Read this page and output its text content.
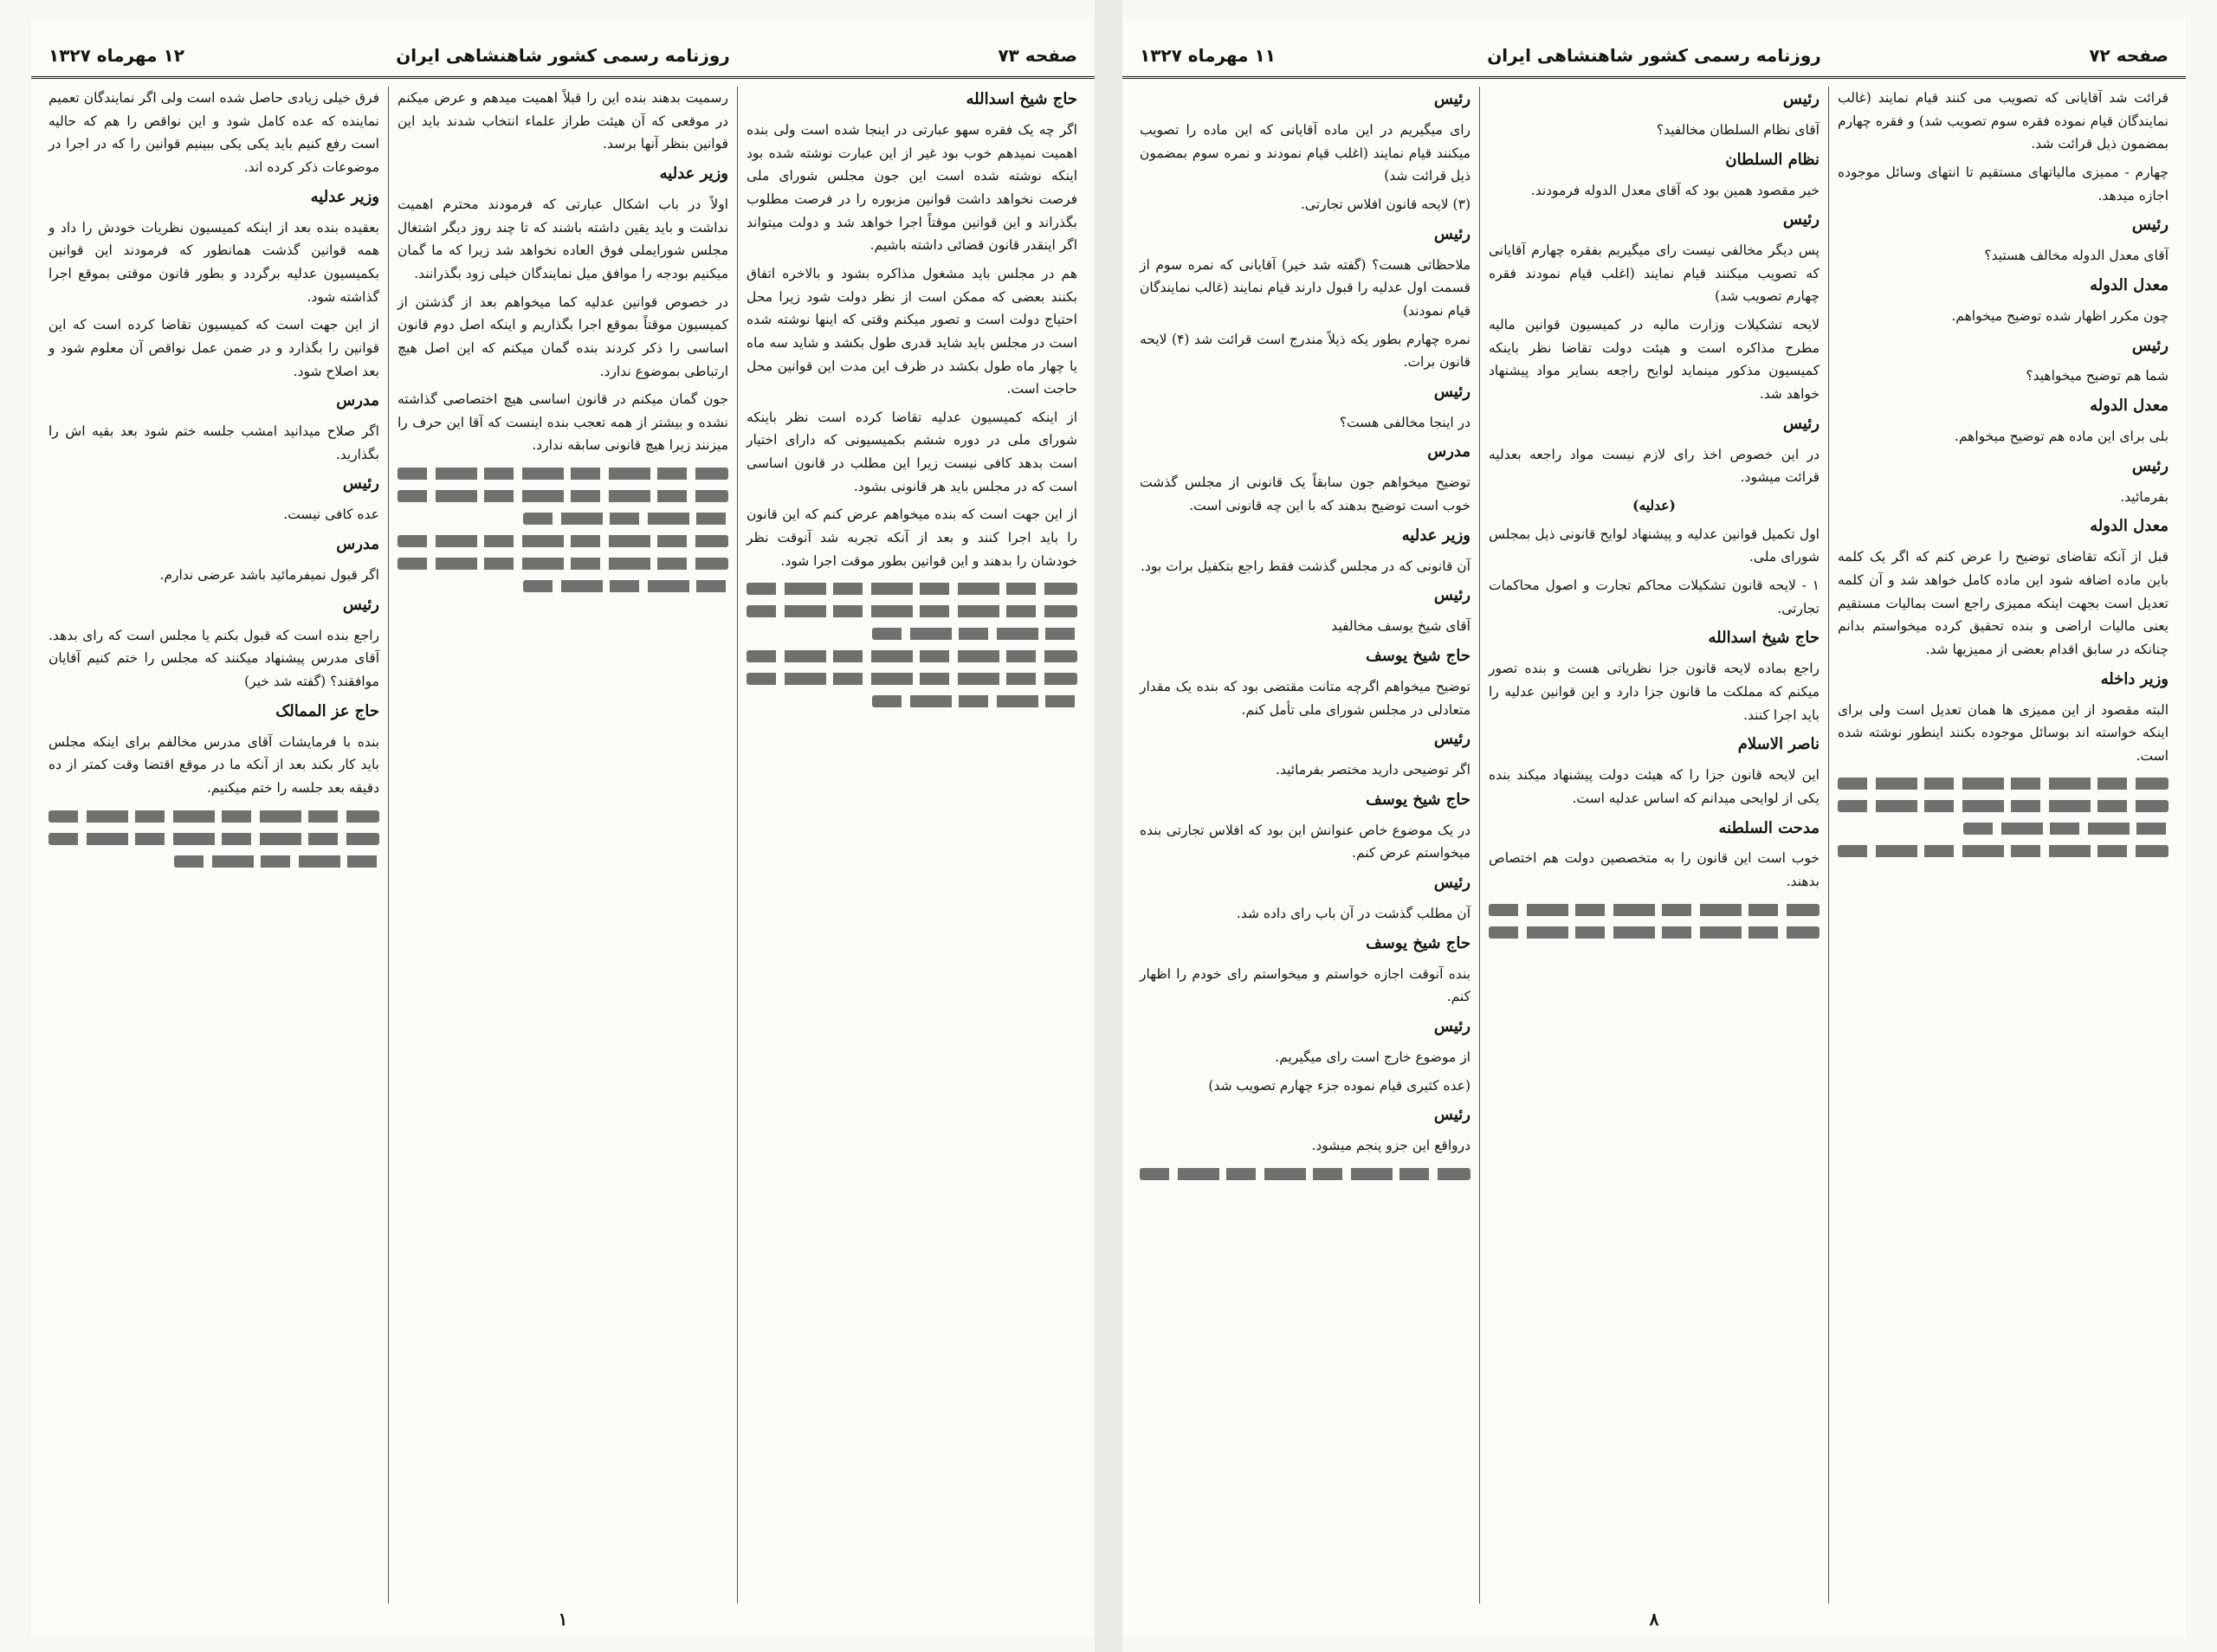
صفحه ۷۳
روزنامه رسمی کشور شاهنشاهی ایران
۱۲ مهرماه ۱۳۲۷
حاج شیخ اسدالله
اگر چه یک فقره سهو عبارتی در اینجا شده است ولی بنده اهمیت نمیدهم خوب بود غیر از این عبارت نوشته شده بود اینکه نوشته شده است این جون مجلس شورای ملی فرصت نخواهد داشت قوانین مزبوره را در فرصت مطلوب بگذراند و این قوانین موقتاً اجرا خواهد شد و دولت میتواند اگر اینقدر قانون قضائی داشته باشیم.
هم در مجلس باید مشغول مذاکره بشود و بالاخره اتفاق بکنند بعضی که ممکن است از نظر دولت شود زیرا محل احتیاج دولت است و تصور میکنم وقتی که اینها نوشته شده است در مجلس باید شاید قدری طول بکشد و شاید سه ماه یا چهار ماه طول بکشد در ظرف این مدت این قوانین محل حاجت است.
از اینکه کمیسیون عدلیه تقاضا کرده است نظر باینکه شورای ملی در دوره ششم بکمیسیونی که دارای اختیار است بدهد کافی نیست زیرا این مطلب در قانون اساسی است که در مجلس باید هر قانونی بشود.
از این جهت است که بنده میخواهم عرض کنم که این قانون را باید اجرا کنند و بعد از آنکه تجربه شد آنوقت نظر خودشان را بدهند و این قوانین بطور موقت اجرا شود.
رسمیت بدهند بنده این را قبلاً اهمیت میدهم و عرض میکنم در موقعی که آن هیئت طراز علماء انتخاب شدند باید این قوانین بنظر آنها برسد.
وزیر عدلیه
اولاً در باب اشکال عبارتی که فرمودند محترم اهمیت نداشت و باید یقین داشته باشند که تا چند روز دیگر اشتغال مجلس شورایملی فوق العاده نخواهد شد زیرا که ما گمان میکنیم بودجه را موافق میل نمایندگان خیلی زود بگذرانند.
در خصوص قوانین عدلیه کما میخواهم بعد از گذشتن از کمیسیون موقتاً بموقع اجرا بگذاریم و اینکه اصل دوم قانون اساسی را ذکر کردند بنده گمان میکنم که این اصل هیچ ارتباطی بموضوع ندارد.
جون گمان میکنم در قانون اساسی هیچ اختصاصی گذاشته نشده و بیشتر از همه تعجب بنده اینست که آقا این حرف را میزنند زیرا هیچ قانونی سابقه ندارد.
فرق خیلی زیادی حاصل شده است ولی اگر نمایندگان تعمیم نماینده که عده کامل شود و این نواقص را هم که حالیه است رفع کنیم باید یکی یکی ببینیم قوانین را که در اجرا در موضوعات ذکر کرده اند.
وزیر عدلیه
بعقیده بنده بعد از اینکه کمیسیون نظریات خودش را داد و همه قوانین گذشت همانطور که فرمودند این قوانین بکمیسیون عدلیه برگردد و بطور قانون موقتی بموقع اجرا گذاشته شود.
از این جهت است که کمیسیون تقاضا کرده است که این قوانین را بگذارد و در ضمن عمل نواقص آن معلوم شود و بعد اصلاح شود.
مدرس
اگر صلاح میدانید امشب جلسه ختم شود بعد بقیه اش را بگذارید.
رئیس
عده کافی نیست.
مدرس
اگر قبول نمیفرمائید باشد عرضی ندارم.
رئیس
راجع بنده است که قبول بکنم یا مجلس است که رای بدهد. آقای مدرس پیشنهاد میکنند که مجلس را ختم کنیم آقایان موافقند؟ (گفته شد خیر)
حاج عز الممالک
بنده با فرمایشات آقای مدرس مخالفم برای اینکه مجلس باید کار بکند بعد از آنکه ما در موقع اقتضا وقت کمتر از ده دقیقه بعد جلسه را ختم میکنیم.
۱
صفحه ۷۲
روزنامه رسمی کشور شاهنشاهی ایران
۱۱ مهرماه ۱۳۲۷
قرائت شد آقایانی که تصویب می کنند قیام نمایند (غالب نمایندگان قیام نموده فقره سوم تصویب شد) و فقره چهارم بمضمون ذیل قرائت شد.
چهارم - ممیزی مالیاتهای مستقیم تا انتهای وسائل موجوده اجازه میدهد.
رئیس
آقای معدل الدوله مخالف هستید؟
معدل الدوله
چون مکرر اظهار شده توضیح میخواهم.
رئیس
شما هم توضیح میخواهید؟
معدل الدوله
بلی برای این ماده هم توضیح میخواهم.
رئیس
بفرمائید.
معدل الدوله
قبل از آنکه تقاضای توضیح را عرض کنم که اگر یک کلمه باین ماده اضافه شود این ماده کامل خواهد شد و آن کلمه تعدیل است بجهت اینکه ممیزی راجع است بمالیات مستقیم یعنی مالیات اراضی و بنده تحقیق کرده میخواستم بدانم چنانکه در سابق اقدام بعضی از ممیزیها شد.
وزیر داخله
البته مقصود از این ممیزی ها همان تعدیل است ولی برای اینکه خواسته اند بوسائل موجوده بکنند اینطور نوشته شده است.
رئیس
آقای نظام السلطان مخالفید؟
نظام السلطان
خیر مقصود همین بود که آقای معدل الدوله فرمودند.
رئیس
پس دیگر مخالفی نیست رای میگیریم بفقره چهارم آقایانی که تصویب میکنند قیام نمایند (اغلب قیام نمودند فقره چهارم تصویب شد)
لایحه تشکیلات وزارت مالیه در کمیسیون قوانین مالیه مطرح مذاکره است و هیئت دولت تقاضا نظر باینکه کمیسیون مذکور مینماید لوایح راجعه بسایر مواد پیشنهاد خواهد شد.
رئیس
در این خصوص اخذ رای لازم نیست مواد راجعه بعدلیه قرائت میشود.
(عدلیه)
اول تکمیل قوانین عدلیه و پیشنهاد لوایح قانونی ذیل بمجلس شورای ملی.
۱ - لایحه قانون تشکیلات محاکم تجارت و اصول محاکمات تجارتی.
حاج شیخ اسدالله
راجع بماده لایحه قانون جزا نظریاتی هست و بنده تصور میکنم که مملکت ما قانون جزا دارد و این قوانین عدلیه را باید اجرا کنند.
ناصر الاسلام
این لایحه قانون جزا را که هیئت دولت پیشنهاد میکند بنده یکی از لوایحی میدانم که اساس عدلیه است.
مدحت السلطنه
خوب است این قانون را به متخصصین دولت هم اختصاص بدهند.
رئیس
رای میگیریم در این ماده آقایانی که این ماده را تصویب میکنند قیام نمایند (اغلب قیام نمودند و نمره سوم بمضمون ذیل قرائت شد)
(۳) لایحه قانون افلاس تجارتی.
رئیس
ملاحظاتی هست؟ (گفته شد خیر) آقایانی که نمره سوم از قسمت اول عدلیه را قبول دارند قیام نمایند (غالب نمایندگان قیام نمودند)
نمره چهارم بطور یکه ذیلاً مندرج است قرائت شد (۴) لایحه قانون برات.
رئیس
در اینجا مخالفی هست؟
مدرس
توضیح میخواهم جون سابقاً یک قانونی از مجلس گذشت خوب است توضیح بدهند که با این چه قانونی است.
وزیر عدلیه
آن قانونی که در مجلس گذشت فقط راجع بتکفیل برات بود.
رئیس
آقای شیخ یوسف مخالفید
حاج شیخ یوسف
توضیح میخواهم اگرچه متانت مقتضی بود که بنده یک مقدار متعادلی در مجلس شورای ملی تأمل کنم.
رئیس
اگر توضیحی دارید مختصر بفرمائید.
حاج شیخ یوسف
در یک موضوع خاص عنوانش این بود که افلاس تجارتی بنده میخواستم عرض کنم.
رئیس
آن مطلب گذشت در آن باب رای داده شد.
حاج شیخ یوسف
بنده آنوقت اجازه خواستم و میخواستم رای خودم را اظهار کنم.
رئیس
از موضوع خارج است رای میگیریم.
(عده کثیری قیام نموده جزء چهارم تصویب شد)
رئیس
درواقع این جزو پنجم میشود.
۸
